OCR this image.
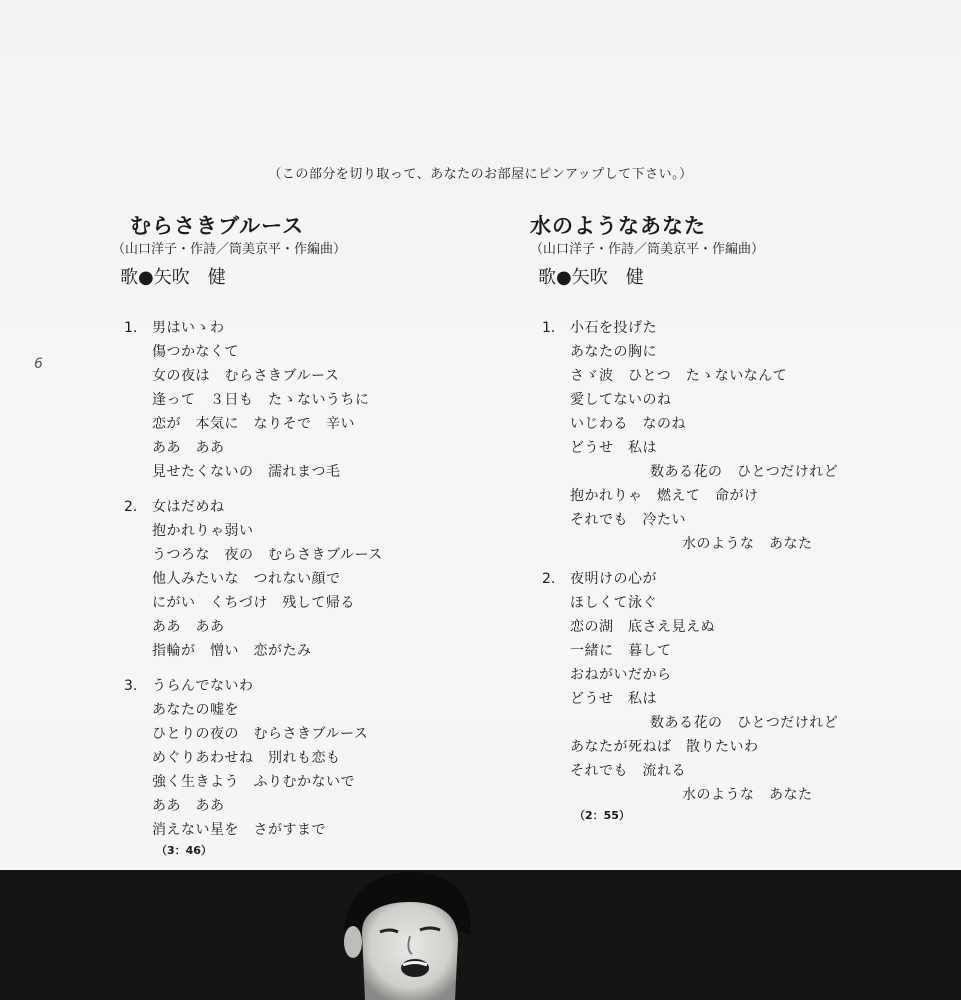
6
（この部分を切り取って、あなたのお部屋にピンアップして下さい。）
むらさきブルース
（山口洋子・作詩／筒美京平・作編曲）
歌●矢吹　健
1.	男はいゝわ
傷つかなくて
女の夜は　むらさきブルース
逢って　３日も　たゝないうちに
恋が　本気に　なりそで　辛い
ああ　ああ
見せたくないの　濡れまつ毛
2.	女はだめね
抱かれりゃ弱い
うつろな　夜の　むらさきブルース
他人みたいな　つれない顔で
にがい　くちづけ　残して帰る
ああ　ああ
指輪が　憎い　恋がたみ
3.	うらんでないわ
あなたの嘘を
ひとりの夜の　むらさきブルース
めぐりあわせね　別れも恋も
強く生きよう　ふりむかないで
ああ　ああ
消えない星を　さがすまで
（3：46）
水のようなあなた
（山口洋子・作詩／筒美京平・作編曲）
歌●矢吹　健
1.	小石を投げた
あなたの胸に
さゞ波　ひとつ　たゝないなんて
愛してないのね
いじわる　なのね
どうせ　私は
数ある花の　ひとつだけれど
抱かれりゃ　燃えて　命がけ
それでも　冷たい
水のような　あなた
2.	夜明けの心が
ほしくて泳ぐ
恋の湖　底さえ見えぬ
一緒に　暮して
おねがいだから
どうせ　私は
数ある花の　ひとつだけれど
あなたが死ねば　散りたいわ
それでも　流れる
水のような　あなた
（2：55）
